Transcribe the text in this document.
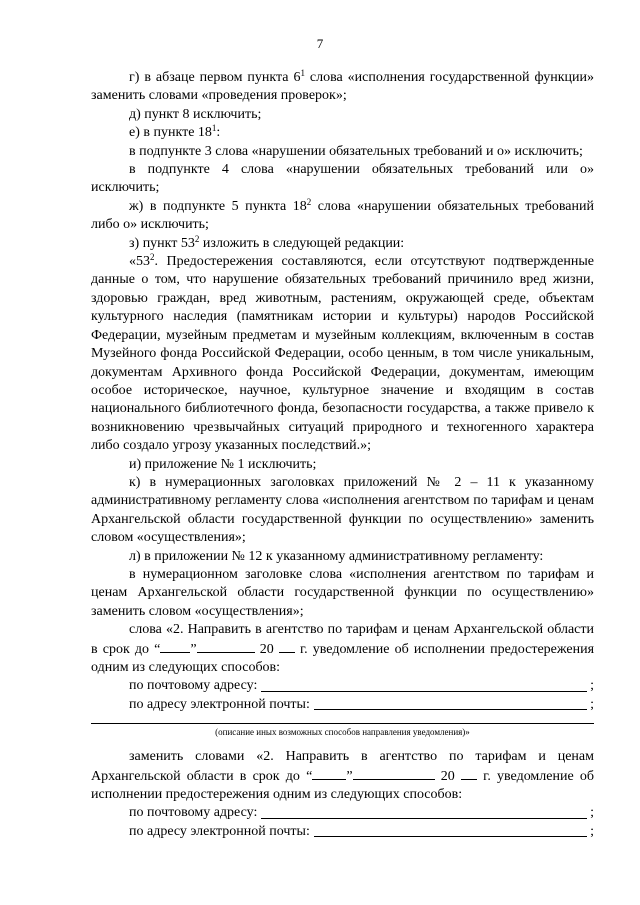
7

г) в абзаце первом пункта $6^1$ слова «исполнения государственной функции» заменить словами «проведения проверок»;

д) пункт 8 исключить;

е) в пункте $18^1$:

в подпункте 3 слова «нарушении обязательных требований и о» исключить;

в подпункте 4 слова «нарушении обязательных требований или о» исключить;

ж) в подпункте 5 пункта $18^2$ слова «нарушении обязательных требований либо о» исключить;

з) пункт $53^2$ изложить в следующей редакции:

«$53^2$. Предостережения составляются, если отсутствуют подтвержденные данные о том, что нарушение обязательных требований причинило вред жизни, здоровью граждан, вред животным, растениям, окружающей среде, объектам культурного наследия (памятникам истории и культуры) народов Российской Федерации, музейным предметам и музейным коллекциям, включенным в состав Музейного фонда Российской Федерации, особо ценным, в том числе уникальным, документам Архивного фонда Российской Федерации, документам, имеющим особое историческое, научное, культурное значение и входящим в состав национального библиотечного фонда, безопасности государства, а также привело к возникновению чрезвычайных ситуаций природного и техногенного характера либо создало угрозу указанных последствий.»;

и) приложение № 1 исключить;

к) в нумерационных заголовках приложений № 2 – 11 к указанному административному регламенту слова «исполнения агентством по тарифам и ценам Архангельской области государственной функции по осуществлению» заменить словом «осуществления»;

л) в приложении № 12 к указанному административному регламенту:

в нумерационном заголовке слова «исполнения агентством по тарифам и ценам Архангельской области государственной функции по осуществлению» заменить словом «осуществления»;

слова «2. Направить в агентство по тарифам и ценам Архангельской области в срок до “ ”	20  г. уведомление об исполнении предостережения одним из следующих способов:

по почтовому адресу:	;
по адресу электронной почты:	;
(описание иных возможных способов направления уведомления)»

заменить словами «2. Направить в агентство по тарифам и ценам Архангельской области в срок до “ ”	20  г. уведомление об исполнении предостережения одним из следующих способов:

по почтовому адресу:	;
по адресу электронной почты:	;
